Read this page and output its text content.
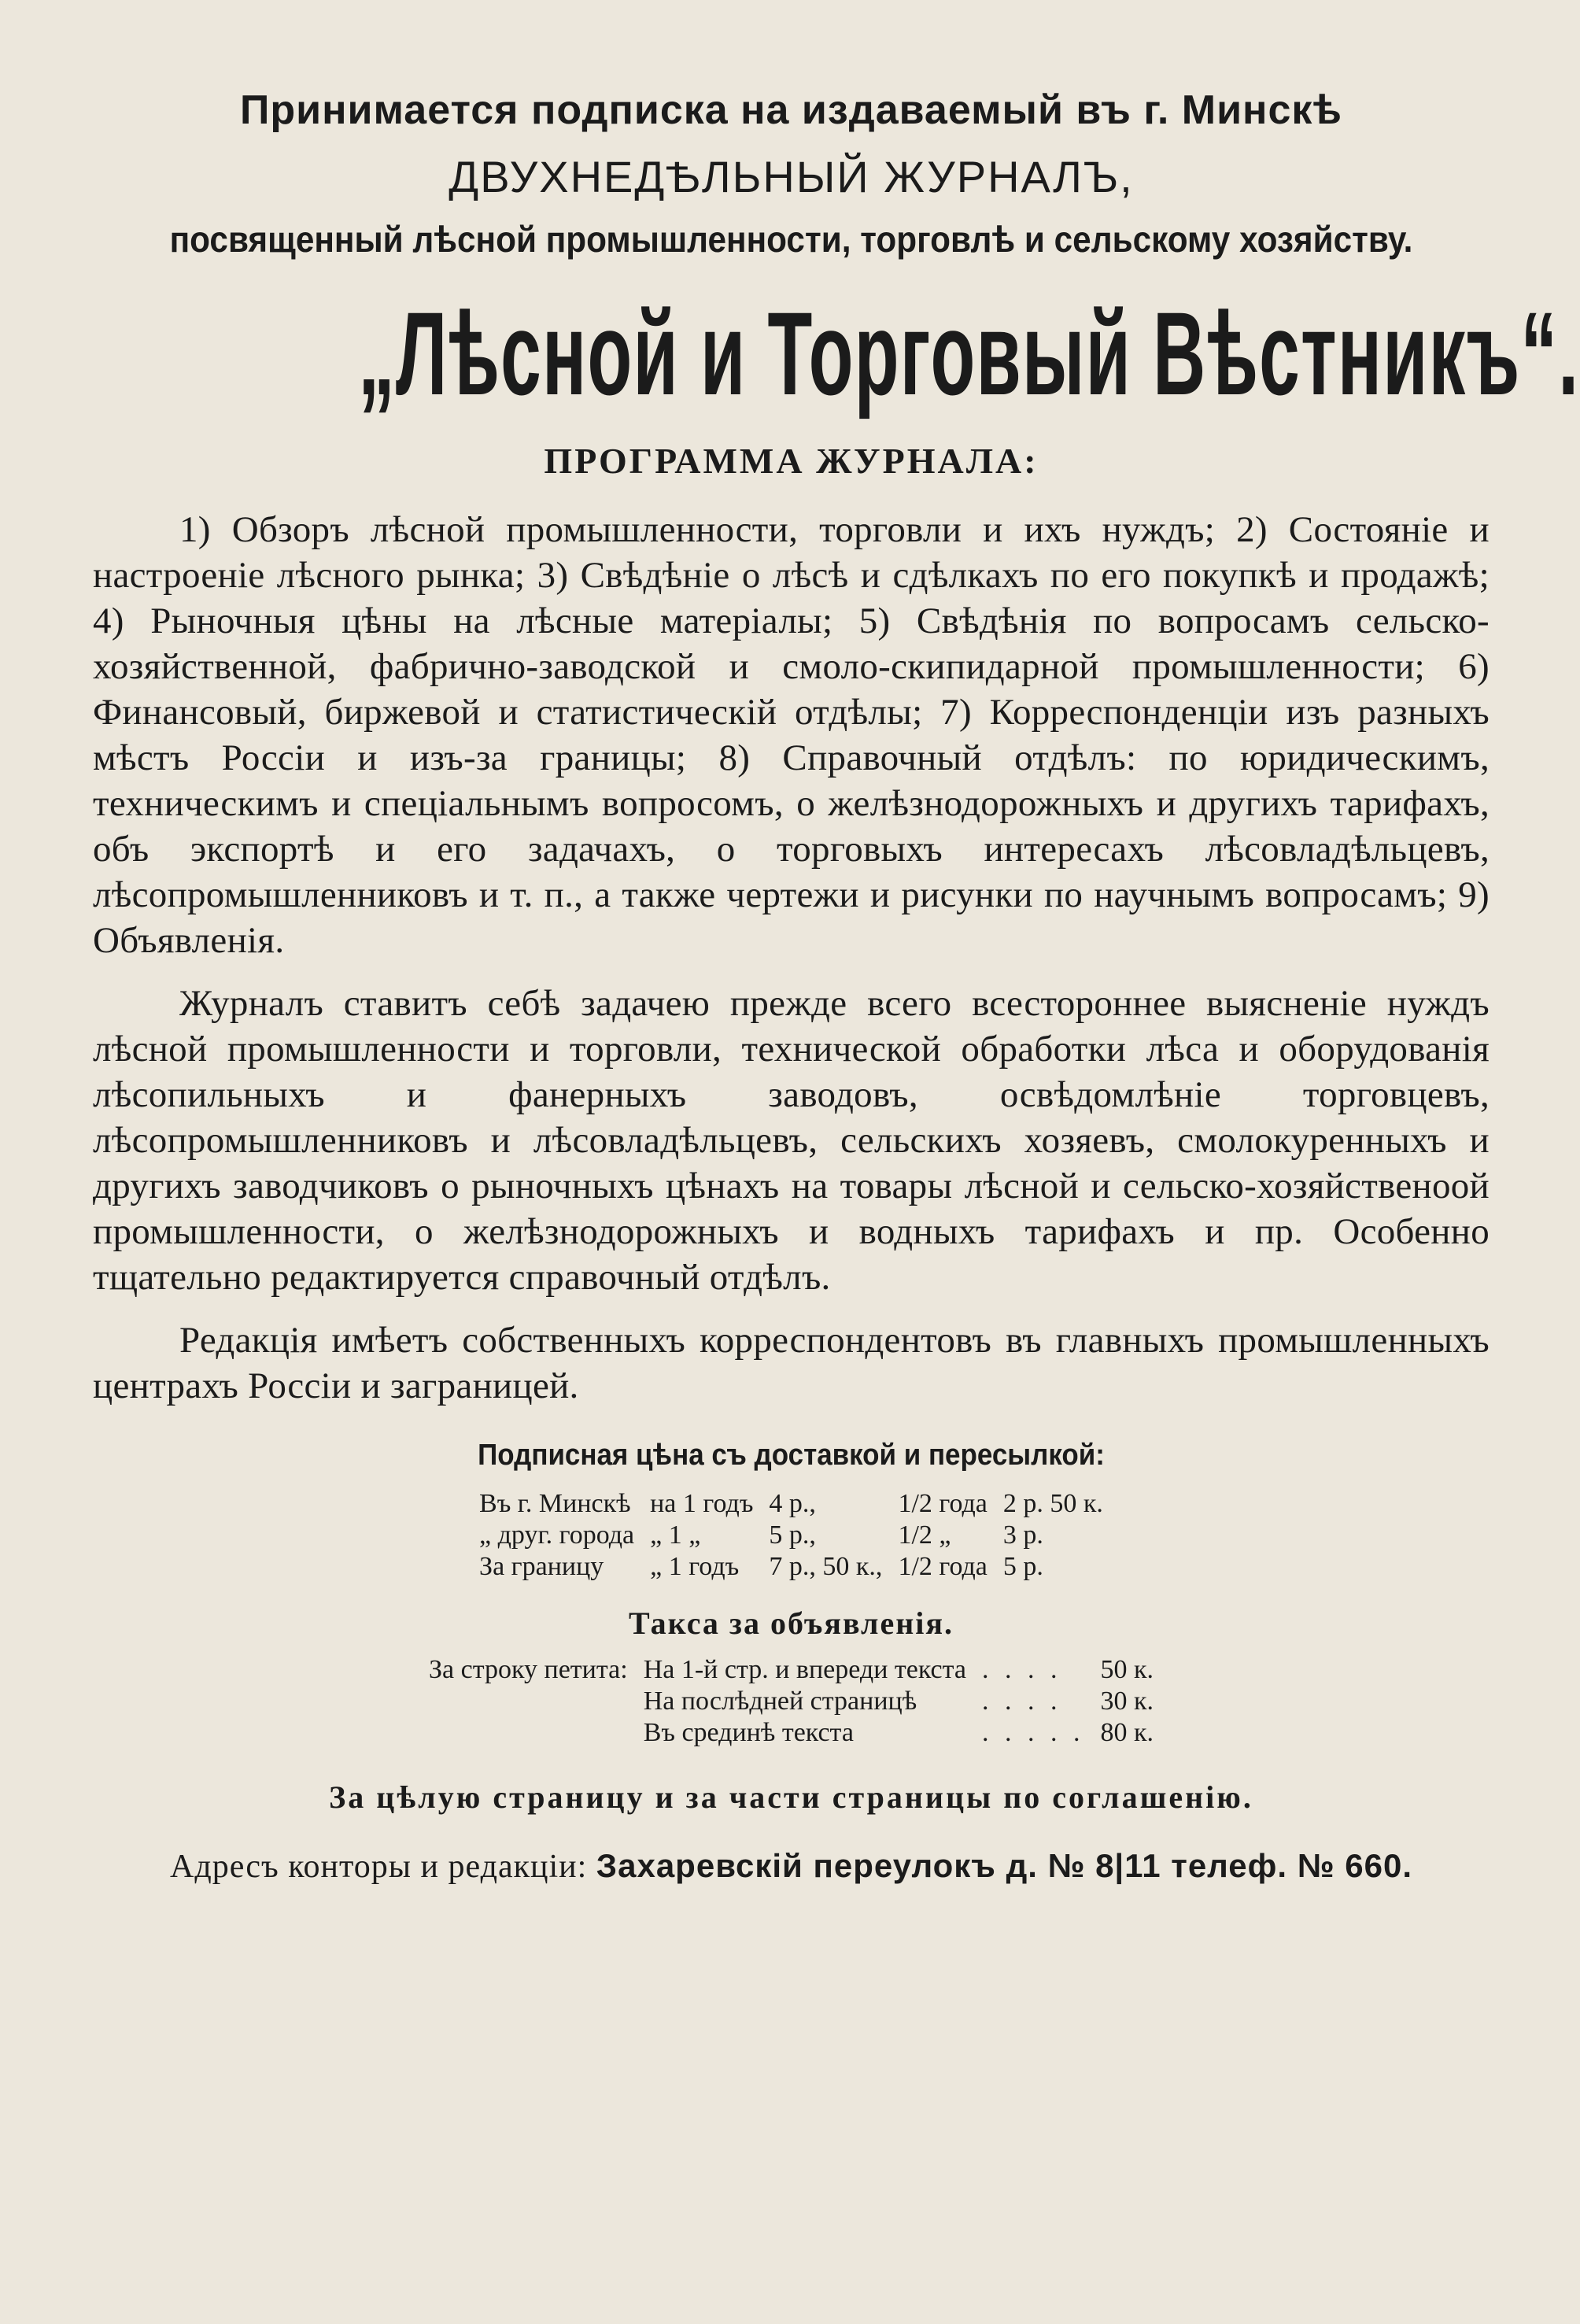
Принимается подписка на издаваемый въ г. Минскѣ

ДВУХНЕДѢЛЬНЫЙ ЖУРНАЛЪ,

посвященный лѣсной промышленности, торговлѣ и сельскому хозяйству.

„Лѣсной и Торговый Вѣстникъ“.

ПРОГРАММА ЖУРНАЛА:

1) Обзоръ лѣсной промышленности, торговли и ихъ нуждъ; 2) Состояніе и настроеніе лѣсного рынка; 3) Свѣдѣніе о лѣсѣ и сдѣлкахъ по его покупкѣ и продажѣ; 4) Рыночныя цѣны на лѣсные матеріалы; 5) Свѣдѣнія по вопросамъ сельско-хозяйственной, фабрично-заводской и смоло-скипидарной промышленности; 6) Финансовый, биржевой и статистическій отдѣлы; 7) Корреспонденціи изъ разныхъ мѣстъ Россіи и изъ-за границы; 8) Справочный отдѣлъ: по юридическимъ, техническимъ и спеціальнымъ вопросомъ, о желѣзнодорожныхъ и другихъ тарифахъ, объ экспортѣ и его задачахъ, о торговыхъ интересахъ лѣсовладѣльцевъ, лѣсопромышленниковъ и т. п., а также чертежи и рисунки по научнымъ вопросамъ; 9) Объявленія.

Журналъ ставитъ себѣ задачею прежде всего всестороннее выясненіе нуждъ лѣсной промышленности и торговли, технической обработки лѣса и оборудованія лѣсопильныхъ и фанерныхъ заводовъ, освѣдомлѣніе торговцевъ, лѣсопромышленниковъ и лѣсовладѣльцевъ, сельскихъ хозяевъ, смолокуренныхъ и другихъ заводчиковъ о рыночныхъ цѣнахъ на товары лѣсной и сельско-хозяйственоой промышленности, о желѣзнодорожныхъ и водныхъ тарифахъ и пр. Особенно тщательно редактируется справочный отдѣлъ.

Редакція имѣетъ собственныхъ корреспондентовъ въ главныхъ промышленныхъ центрахъ Россіи и заграницей.

Подписная цѣна съ доставкой и пересылкой:

Въ г. Минскѣ	на 1 годъ	4 р.,	1/2 года	2 р. 50 к.
„ друг. города	„ 1 „	5 р.,	1/2 „	3 р.
За границу	„ 1 годъ	7 р., 50 к.,	1/2 года	5 р.

Такса за объявленія.

За строку петита:	На 1-й стр. и впереди текста	. . . .	50 к.
	На послѣдней страницѣ	. . . .	30 к.
	Въ срединѣ текста	. . . . .	80 к.

За цѣлую страницу и за части страницы по соглашенію.

Адресъ конторы и редакціи: Захаревскій переулокъ д. № 8|11 телеф. № 660.
